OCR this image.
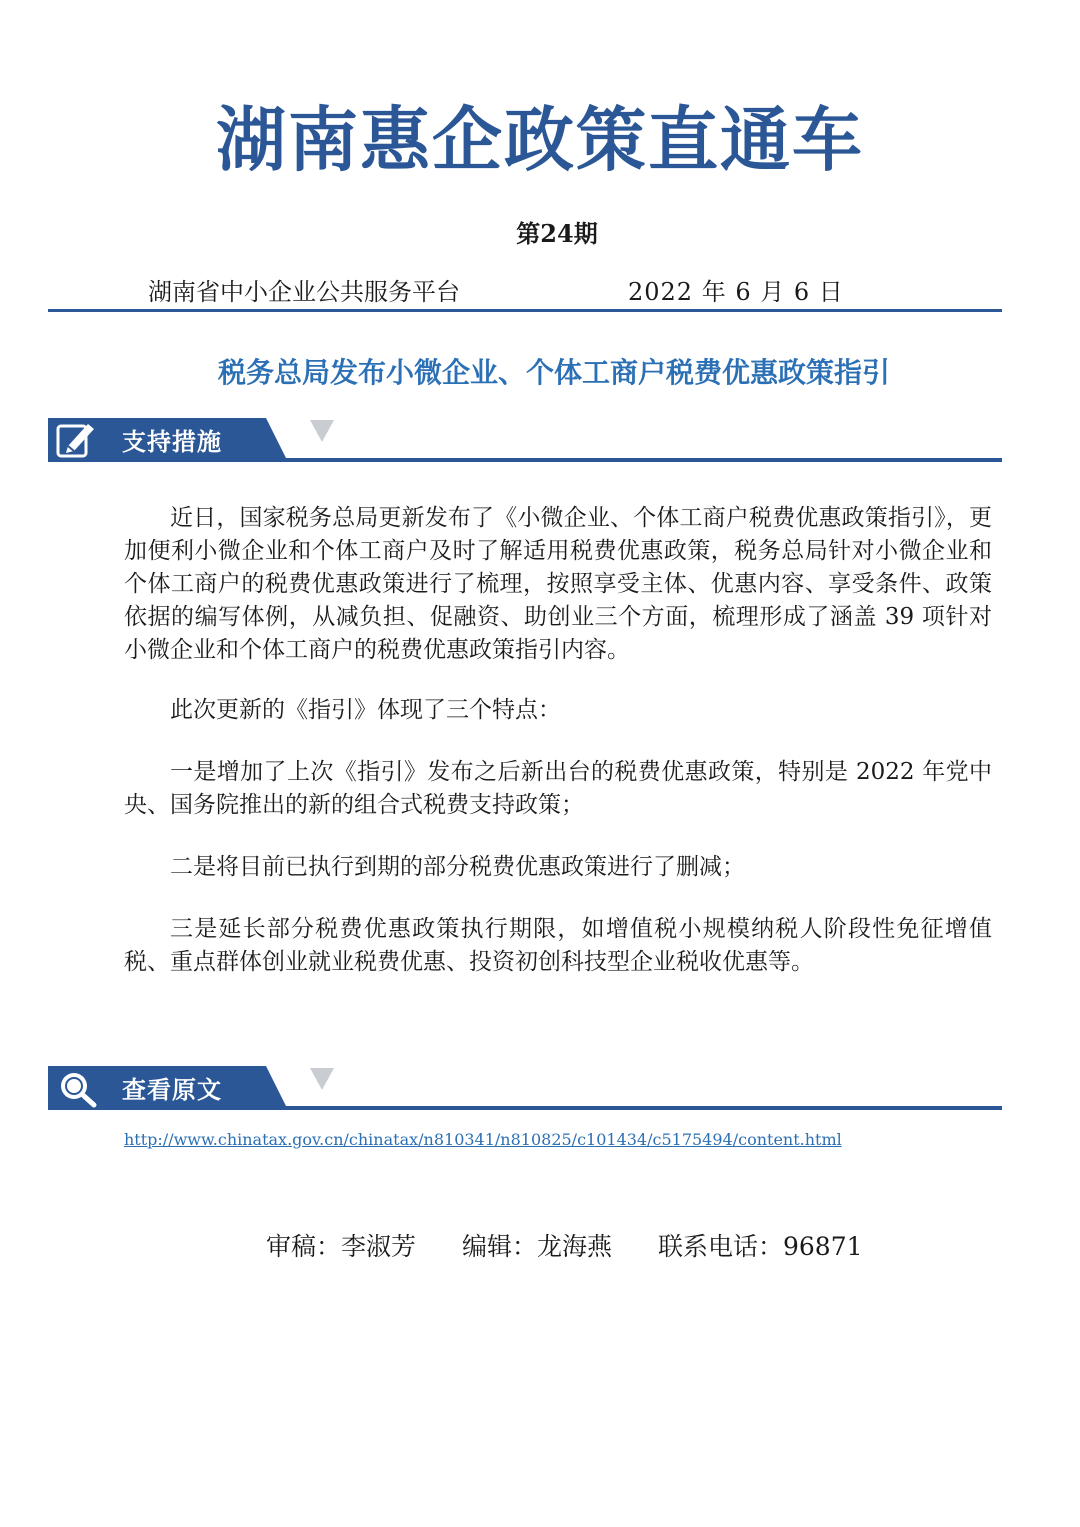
湖南惠企政策直通车
第24期
湖南省中小企业公共服务平台	2022 年 6 月 6 日
税务总局发布小微企业、个体工商户税费优惠政策指引
支持措施

近日，国家税务总局更新发布了《小微企业、个体工商户税费优惠政策指引》，更加便利小微企业和个体工商户及时了解适用税费优惠政策，税务总局针对小微企业和个体工商户的税费优惠政策进行了梳理，按照享受主体、优惠内容、享受条件、政策依据的编写体例，从减负担、促融资、助创业三个方面，梳理形成了涵盖 39 项针对小微企业和个体工商户的税费优惠政策指引内容。

此次更新的《指引》体现了三个特点：

一是增加了上次《指引》发布之后新出台的税费优惠政策，特别是 2022 年党中央、国务院推出的新的组合式税费支持政策；

二是将目前已执行到期的部分税费优惠政策进行了删减；

三是延长部分税费优惠政策执行期限，如增值税小规模纳税人阶段性免征增值税、重点群体创业就业税费优惠、投资初创科技型企业税收优惠等。

查看原文
http://www.chinatax.gov.cn/chinatax/n810341/n810825/c101434/c5175494/content.html
审稿：李淑芳 编辑：龙海燕 联系电话：96871
